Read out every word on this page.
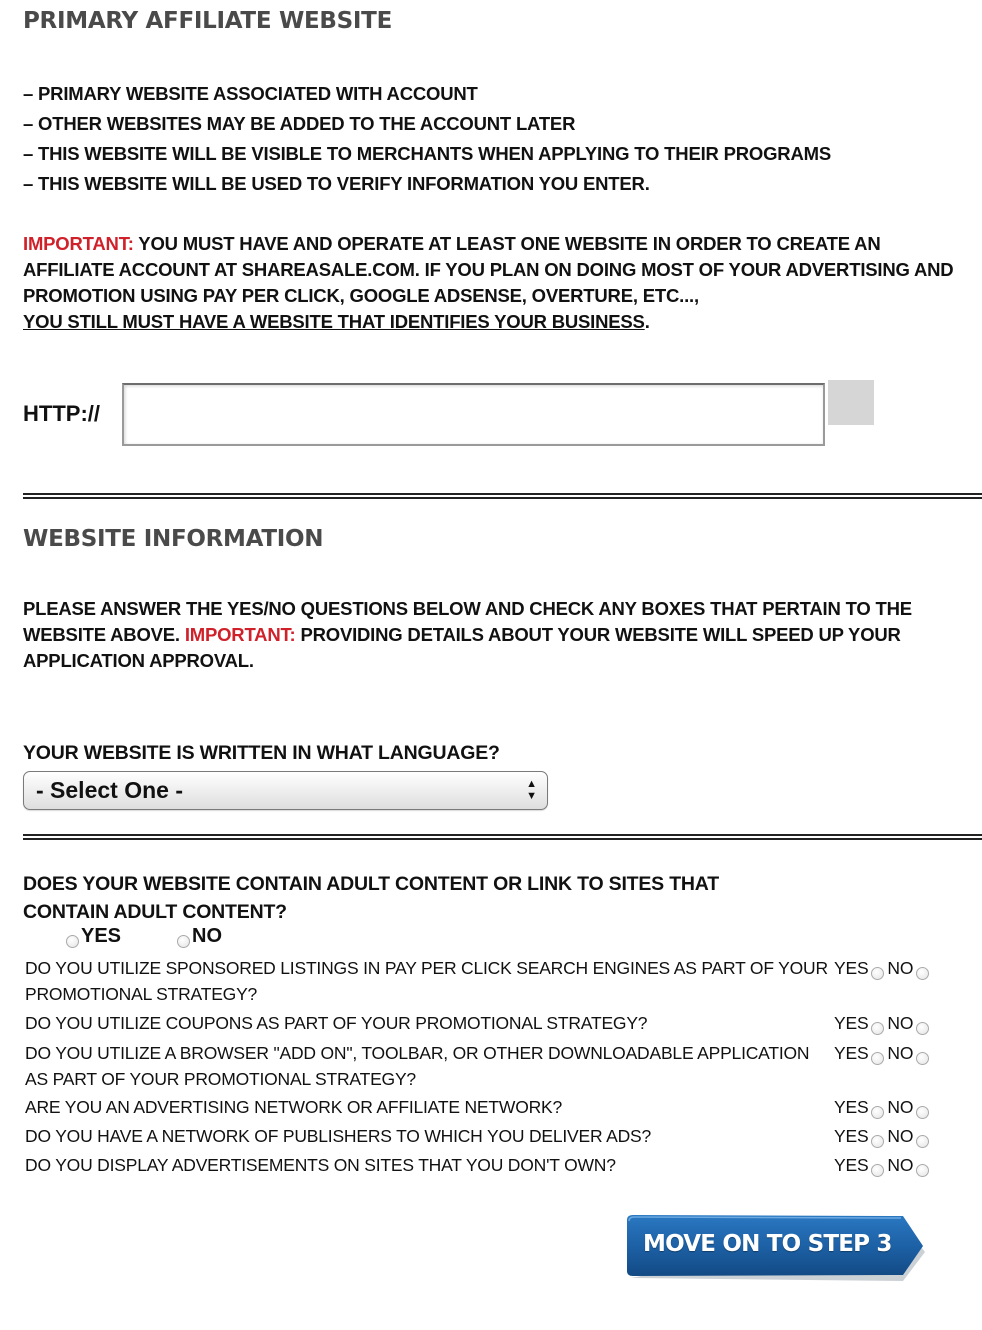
PRIMARY AFFILIATE WEBSITE
– PRIMARY WEBSITE ASSOCIATED WITH ACCOUNT
– OTHER WEBSITES MAY BE ADDED TO THE ACCOUNT LATER
– THIS WEBSITE WILL BE VISIBLE TO MERCHANTS WHEN APPLYING TO THEIR PROGRAMS
– THIS WEBSITE WILL BE USED TO VERIFY INFORMATION YOU ENTER.
IMPORTANT: YOU MUST HAVE AND OPERATE AT LEAST ONE WEBSITE IN ORDER TO CREATE AN AFFILIATE ACCOUNT AT SHAREASALE.COM. IF YOU PLAN ON DOING MOST OF YOUR ADVERTISING AND PROMOTION USING PAY PER CLICK, GOOGLE ADSENSE, OVERTURE, ETC...,
YOU STILL MUST HAVE A WEBSITE THAT IDENTIFIES YOUR BUSINESS.
HTTP://
WEBSITE INFORMATION
PLEASE ANSWER THE YES/NO QUESTIONS BELOW AND CHECK ANY BOXES THAT PERTAIN TO THE WEBSITE ABOVE. IMPORTANT: PROVIDING DETAILS ABOUT YOUR WEBSITE WILL SPEED UP YOUR APPLICATION APPROVAL.
YOUR WEBSITE IS WRITTEN IN WHAT LANGUAGE?
- Select One -	▲
▼
DOES YOUR WEBSITE CONTAIN ADULT CONTENT OR LINK TO SITES THAT CONTAIN ADULT CONTENT?
YES	NO
DO YOU UTILIZE SPONSORED LISTINGS IN PAY PER CLICK SEARCH ENGINES AS PART OF YOUR PROMOTIONAL STRATEGY?
YES NO
DO YOU UTILIZE COUPONS AS PART OF YOUR PROMOTIONAL STRATEGY?	YES NO
DO YOU UTILIZE A BROWSER "ADD ON", TOOLBAR, OR OTHER DOWNLOADABLE APPLICATION AS PART OF YOUR PROMOTIONAL STRATEGY?
YES NO
ARE YOU AN ADVERTISING NETWORK OR AFFILIATE NETWORK?	YES NO
DO YOU HAVE A NETWORK OF PUBLISHERS TO WHICH YOU DELIVER ADS?	YES NO
DO YOU DISPLAY ADVERTISEMENTS ON SITES THAT YOU DON'T OWN?	YES NO
MOVE ON TO STEP 3
